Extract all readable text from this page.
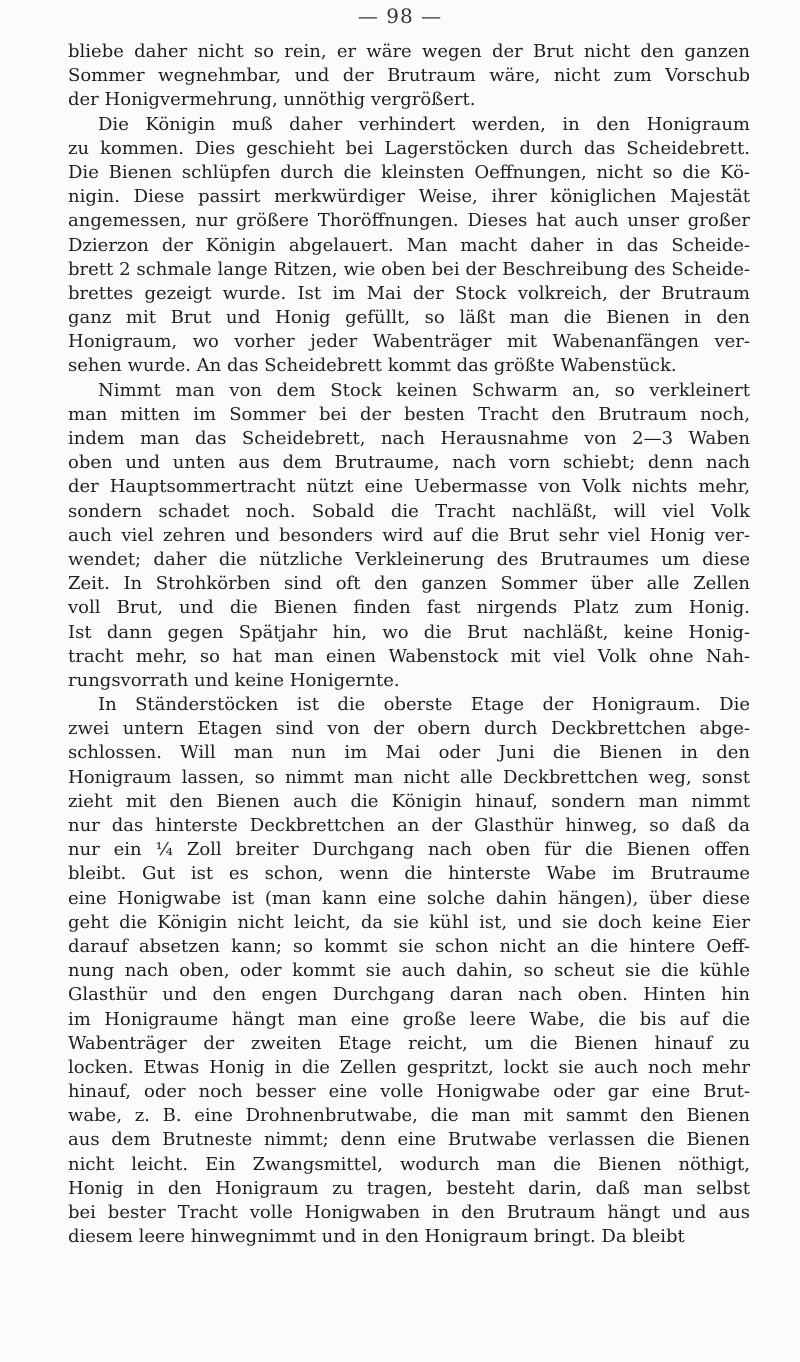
— 98 —
bliebe daher nicht so rein, er wäre wegen der Brut nicht den ganzen
Sommer wegnehmbar, und der Brutraum wäre, nicht zum Vorschub
der Honigvermehrung, unnöthig vergrößert.
Die Königin muß daher verhindert werden, in den Honigraum
zu kommen. Dies geschieht bei Lagerstöcken durch das Scheidebrett.
Die Bienen schlüpfen durch die kleinsten Oeffnungen, nicht so die Kö-
nigin. Diese passirt merkwürdiger Weise, ihrer königlichen Majestät
angemessen, nur größere Thoröffnungen. Dieses hat auch unser großer
Dzierzon der Königin abgelauert. Man macht daher in das Scheide-
brett 2 schmale lange Ritzen, wie oben bei der Beschreibung des Scheide-
brettes gezeigt wurde. Ist im Mai der Stock volkreich, der Brutraum
ganz mit Brut und Honig gefüllt, so läßt man die Bienen in den
Honigraum, wo vorher jeder Wabenträger mit Wabenanfängen ver-
sehen wurde. An das Scheidebrett kommt das größte Wabenstück.
Nimmt man von dem Stock keinen Schwarm an, so verkleinert
man mitten im Sommer bei der besten Tracht den Brutraum noch,
indem man das Scheidebrett, nach Herausnahme von 2—3 Waben
oben und unten aus dem Brutraume, nach vorn schiebt; denn nach
der Hauptsommertracht nützt eine Uebermasse von Volk nichts mehr,
sondern schadet noch. Sobald die Tracht nachläßt, will viel Volk
auch viel zehren und besonders wird auf die Brut sehr viel Honig ver-
wendet; daher die nützliche Verkleinerung des Brutraumes um diese
Zeit. In Strohkörben sind oft den ganzen Sommer über alle Zellen
voll Brut, und die Bienen finden fast nirgends Platz zum Honig.
Ist dann gegen Spätjahr hin, wo die Brut nachläßt, keine Honig-
tracht mehr, so hat man einen Wabenstock mit viel Volk ohne Nah-
rungsvorrath und keine Honigernte.
In Ständerstöcken ist die oberste Etage der Honigraum. Die
zwei untern Etagen sind von der obern durch Deckbrettchen abge-
schlossen. Will man nun im Mai oder Juni die Bienen in den
Honigraum lassen, so nimmt man nicht alle Deckbrettchen weg, sonst
zieht mit den Bienen auch die Königin hinauf, sondern man nimmt
nur das hinterste Deckbrettchen an der Glasthür hinweg, so daß da
nur ein ¼ Zoll breiter Durchgang nach oben für die Bienen offen
bleibt. Gut ist es schon, wenn die hinterste Wabe im Brutraume
eine Honigwabe ist (man kann eine solche dahin hängen), über diese
geht die Königin nicht leicht, da sie kühl ist, und sie doch keine Eier
darauf absetzen kann; so kommt sie schon nicht an die hintere Oeff-
nung nach oben, oder kommt sie auch dahin, so scheut sie die kühle
Glasthür und den engen Durchgang daran nach oben. Hinten hin
im Honigraume hängt man eine große leere Wabe, die bis auf die
Wabenträger der zweiten Etage reicht, um die Bienen hinauf zu
locken. Etwas Honig in die Zellen gespritzt, lockt sie auch noch mehr
hinauf, oder noch besser eine volle Honigwabe oder gar eine Brut-
wabe, z. B. eine Drohnenbrutwabe, die man mit sammt den Bienen
aus dem Brutneste nimmt; denn eine Brutwabe verlassen die Bienen
nicht leicht. Ein Zwangsmittel, wodurch man die Bienen nöthigt,
Honig in den Honigraum zu tragen, besteht darin, daß man selbst
bei bester Tracht volle Honigwaben in den Brutraum hängt und aus
diesem leere hinwegnimmt und in den Honigraum bringt. Da bleibt
